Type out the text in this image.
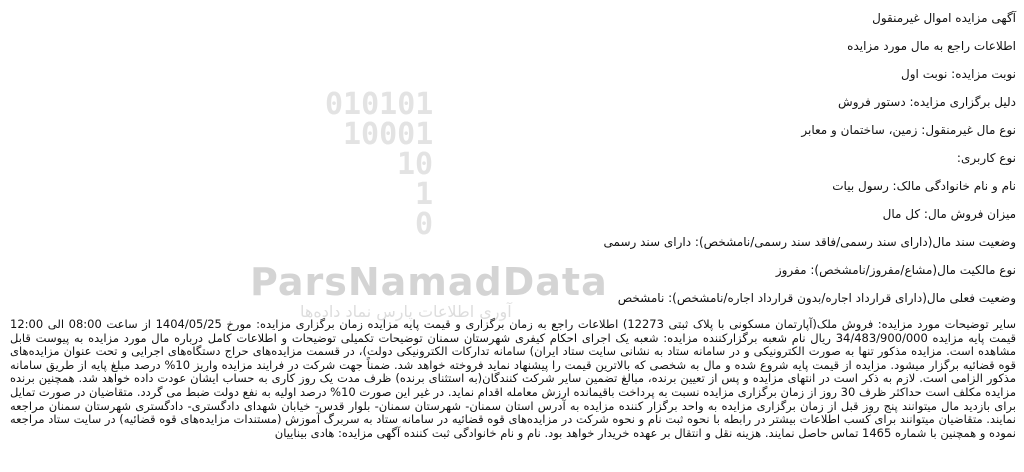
010101
10001
10
1
0
ParsNamadData
آوری اطلاعات پارس نماد داده‌ها
آگهی مزایده اموال غیرمنقول
اطلاعات راجع به مال مورد مزایده
نوبت مزایده: نوبت اول
دلیل برگزاری مزایده: دستور فروش
نوع مال غیرمنقول: زمین، ساختمان و معابر
نوع کاربری:
نام و نام خانوادگی مالک: رسول بیات
میزان فروش مال: کل مال
وضعیت سند مال(دارای سند رسمی/فاقد سند رسمی/نامشخص): دارای سند رسمی
نوع مالکیت مال(مشاع/مفروز/نامشخص): مفروز
وضعیت فعلی مال(دارای قرارداد اجاره/بدون قرارداد اجاره/نامشخص): نامشخص
سایر توضیحات مورد مزایده: فروش ملک(آپارتمان مسکونی با پلاک ثبتی 12273) اطلاعات راجع به زمان برگزاری و قیمت پایه مزایده زمان برگزاری مزایده: مورخ 1404/05/25 از ساعت 08:00 الی 12:00 قیمت پایه مزایده 34/483/900/000 ریال نام شعبه برگزارکننده مزایده: شعبه یک اجرای احکام کیفری شهرستان سمنان توضیحات تکمیلی توضیحات و اطلاعات کامل درباره مال مورد مزایده به پیوست قابل مشاهده است. مزایده مذکور تنها به صورت الکترونیکی و در سامانه ستاد به نشانی سایت ستاد ایران) سامانه تدارکات الکترونیکی دولت)، در قسمت مزایده‌های حراج دستگاه‌های اجرایی و تحت عنوان مزایده‌های قوه قضائیه برگزار میشود. مزایده از قیمت پایه شروع شده و مال به شخصی که بالاترین قیمت را پیشنهاد نماید فروخته خواهد شد. ضمناً جهت شرکت در فرایند مزایده واریز 10% درصد مبلغ پایه از طریق سامانه مذکور الزامی است. لازم به ذکر است در انتهای مزایده و پس از تعیین برنده، مبالغ تضمین سایر شرکت کنندگان(به استثنای برنده) ظرف مدت یک روز کاری به حساب ایشان عودت داده خواهد شد. همچنین برنده مزایده مکلف است حداکثر ظرف 30 روز از زمان برگزاری مزایده نسبت به پرداخت باقیمانده ارزش معامله اقدام نماید. در غیر این صورت 10% درصد اولیه به نفع دولت ضبط می گردد. متقاضیان در صورت تمایل برای بازدید مال میتوانند پنج روز قبل از زمان برگزاری مزایده به واحد برگزار کننده مزایده به آدرس استان سمنان- شهرستان سمنان- بلوار قدس- خیابان شهدای دادگستری- دادگستری شهرستان سمنان مراجعه نمایند. متقاضیان میتوانند برای کسب اطلاعات بیشتر در رابطه با نحوه ثبت نام و نحوه شرکت در مزایده‌های قوه قضائیه در سامانه ستاد به سربرگ آموزش (مستندات مزایده‌های قوه قضائیه) در سایت ستاد مراجعه نموده و همچنین با شماره 1465 تماس حاصل نمایند. هزینه نقل و انتقال بر عهده خریدار خواهد بود. نام و نام خانوادگی ثبت کننده آگهی مزایده: هادی بیناییان
